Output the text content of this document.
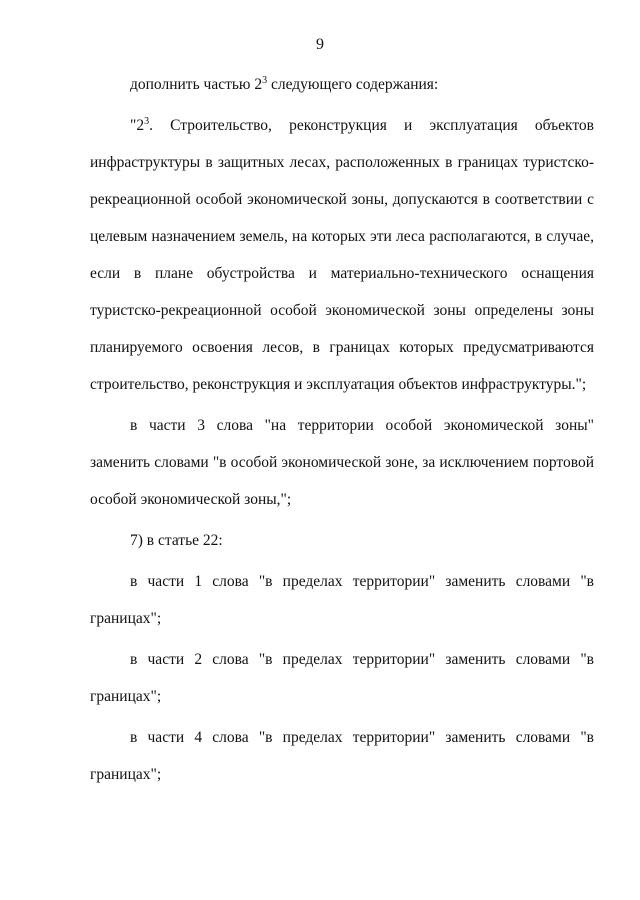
9

дополнить частью $2^3$ следующего содержания:

"$2^3$. Строительство, реконструкция и эксплуатация объектов инфраструктуры в защитных лесах, расположенных в границах туристско-рекреационной особой экономической зоны, допускаются в соответствии с целевым назначением земель, на которых эти леса располагаются, в случае, если в плане обустройства и материально-технического оснащения туристско-рекреационной особой экономической зоны определены зоны планируемого освоения лесов, в границах которых предусматриваются строительство, реконструкция и эксплуатация объектов инфраструктуры.";

в части 3 слова "на территории особой экономической зоны" заменить словами "в особой экономической зоне, за исключением портовой особой экономической зоны,";

7) в статье 22:

в части 1 слова "в пределах территории" заменить словами "в границах";

в части 2 слова "в пределах территории" заменить словами "в границах";

в части 4 слова "в пределах территории" заменить словами "в границах";
